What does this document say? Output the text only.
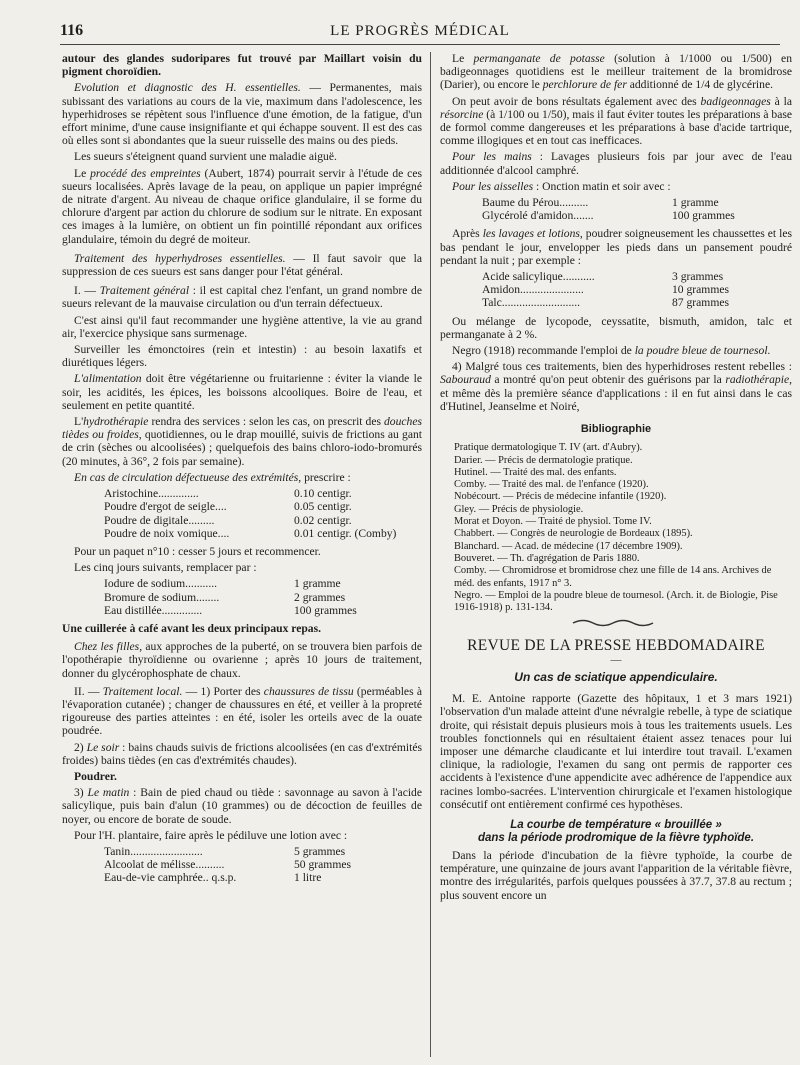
116	LE PROGRÈS MÉDICAL

autour des glandes sudoripares fut trouvé par Maillart voisin du pigment choroïdien.

Evolution et diagnostic des H. essentielles. — Permanentes, mais subissant des variations au cours de la vie, maximum dans l'adolescence, les hyperhidroses se répètent sous l'influence d'une émotion, de la fatigue, d'un effort minime, d'une cause insignifiante et qui échappe souvent. Il est des cas où elles sont si abondantes que la sueur ruisselle des mains ou des pieds.

Les sueurs s'éteignent quand survient une maladie aiguë.

Le procédé des empreintes (Aubert, 1874) pourrait servir à l'étude de ces sueurs localisées. Après lavage de la peau, on applique un papier imprégné de nitrate d'argent. Au niveau de chaque orifice glandulaire, il se forme du chlorure d'argent par action du chlorure de sodium sur le nitrate. En exposant ces images à la lumière, on obtient un fin pointillé répondant aux orifices glandulaire, témoin du degré de moiteur.

Traitement des hyperhydroses essentielles. — Il faut savoir que la suppression de ces sueurs est sans danger pour l'état général.

I. — Traitement général : il est capital chez l'enfant, un grand nombre de sueurs relevant de la mauvaise circulation ou d'un terrain défectueux.

C'est ainsi qu'il faut recommander une hygiène attentive, la vie au grand air, l'exercice physique sans surmenage.

Surveiller les émonctoires (rein et intestin) : au besoin laxatifs et diurétiques légers.

L'alimentation doit être végétarienne ou fruitarienne : éviter la viande le soir, les acidités, les épices, les boissons alcooliques. Boire de l'eau, et seulement en petite quantité.

L'hydrothérapie rendra des services : selon les cas, on prescrit des douches tièdes ou froides, quotidiennes, ou le drap mouillé, suivis de frictions au gant de crin (sèches ou alcoolisées) ; quelquefois des bains chloro-iodo-bromurés (20 minutes, à 36°, 2 fois par semaine).

En cas de circulation défectueuse des extrémités, prescrire :

Aristochine..............	0.10 centigr.
Poudre d'ergot de seigle....	0.05 centigr.
Poudre de digitale.........	0.02 centigr.
Poudre de noix vomique....	0.01 centigr. (Comby)

Pour un paquet n°10 : cesser 5 jours et recommencer.

Les cinq jours suivants, remplacer par :

Iodure de sodium...........	1 gramme
Bromure de sodium........	2 grammes
Eau distillée..............	100 grammes

Une cuillerée à café avant les deux principaux repas.

Chez les filles, aux approches de la puberté, on se trouvera bien parfois de l'opothérapie thyroïdienne ou ovarienne ; après 10 jours de traitement, donner du glycérophosphate de chaux.

II. — Traitement local. — 1) Porter des chaussures de tissu (perméables à l'évaporation cutanée) ; changer de chaussures en été, et veiller à la propreté rigoureuse des parties atteintes : en été, isoler les orteils avec de la ouate poudrée.

2) Le soir : bains chauds suivis de frictions alcoolisées (en cas d'extrémités froides) bains tièdes (en cas d'extrémités chaudes).

Poudrer.

3) Le matin : Bain de pied chaud ou tiède : savonnage au savon à l'acide salicylique, puis bain d'alun (10 grammes) ou de décoction de feuilles de noyer, ou encore de borate de soude.

Pour l'H. plantaire, faire après le pédiluve une lotion avec :

Tanin.........................	5 grammes
Alcoolat de mélisse..........	50 grammes
Eau-de-vie camphrée.. q.s.p.	1 litre

Le permanganate de potasse (solution à 1/1000 ou 1/500) en badigeonnages quotidiens est le meilleur traitement de la bromidrose (Darier), ou encore le perchlorure de fer additionné de 1/4 de glycérine.

On peut avoir de bons résultats également avec des badigeonnages à la résorcine (à 1/100 ou 1/50), mais il faut éviter toutes les préparations à base de formol comme dangereuses et les préparations à base d'acide tartrique, comme illogiques et en tout cas inefficaces.

Pour les mains : Lavages plusieurs fois par jour avec de l'eau additionnée d'alcool camphré.

Pour les aisselles : Onction matin et soir avec :

Baume du Pérou..........	1 gramme
Glycérolé d'amidon.......	100 grammes

Après les lavages et lotions, poudrer soigneusement les chaussettes et les bas pendant le jour, envelopper les pieds dans un pansement poudré pendant la nuit ; par exemple :

Acide salicylique...........	3 grammes
Amidon......................	10 grammes
Talc...........................	87 grammes

Ou mélange de lycopode, ceyssatite, bismuth, amidon, talc et permanganate à 2 %.

Negro (1918) recommande l'emploi de la poudre bleue de tournesol.

4) Malgré tous ces traitements, bien des hyperhidroses restent rebelles : Sabouraud a montré qu'on peut obtenir des guérisons par la radiothérapie, et même dès la première séance d'applications : il en fut ainsi dans le cas d'Hutinel, Jeanselme et Noiré,

Bibliographie

Pratique dermatologique T. IV (art. d'Aubry).

Darier. — Précis de dermatologie pratique.

Hutinel. — Traité des mal. des enfants.

Comby. — Traité des mal. de l'enfance (1920).

Nobécourt. — Précis de médecine infantile (1920).

Gley. — Précis de physiologie.

Morat et Doyon. — Traité de physiol. Tome IV.

Chabbert. — Congrès de neurologie de Bordeaux (1895).

Blanchard. — Acad. de médecine (17 décembre 1909).

Bouveret. — Th. d'agrégation de Paris 1880.

Comby. — Chromidrose et bromidrose chez une fille de 14 ans. Archives de méd. des enfants, 1917 n° 3.

Negro. — Emploi de la poudre bleue de tournesol. (Arch. it. de Biologie, Pise 1916-1918) p. 131-134.

REVUE DE LA PRESSE HEBDOMADAIRE
—
Un cas de sciatique appendiculaire.

M. E. Antoine rapporte (Gazette des hôpitaux, 1 et 3 mars 1921) l'observation d'un malade atteint d'une névralgie rebelle, à type de sciatique droite, qui résistait depuis plusieurs mois à tous les traitements usuels. Les troubles fonctionnels qui en résultaient étaient assez tenaces pour lui imposer une démarche claudicante et lui interdire tout travail. L'examen clinique, la radiologie, l'examen du sang ont permis de rapporter ces accidents à l'existence d'une appendicite avec adhérence de l'appendice aux racines lombo-sacrées. L'intervention chirurgicale et l'examen histologique consécutif ont entièrement confirmé ces hypothèses.

La courbe de température « brouillée »
dans la période prodromique de la fièvre typhoïde.

Dans la période d'incubation de la fièvre typhoïde, la courbe de température, une quinzaine de jours avant l'apparition de la véritable fièvre, montre des irrégularités, parfois quelques poussées à 37.7, 37.8 au rectum ; plus souvent encore un
